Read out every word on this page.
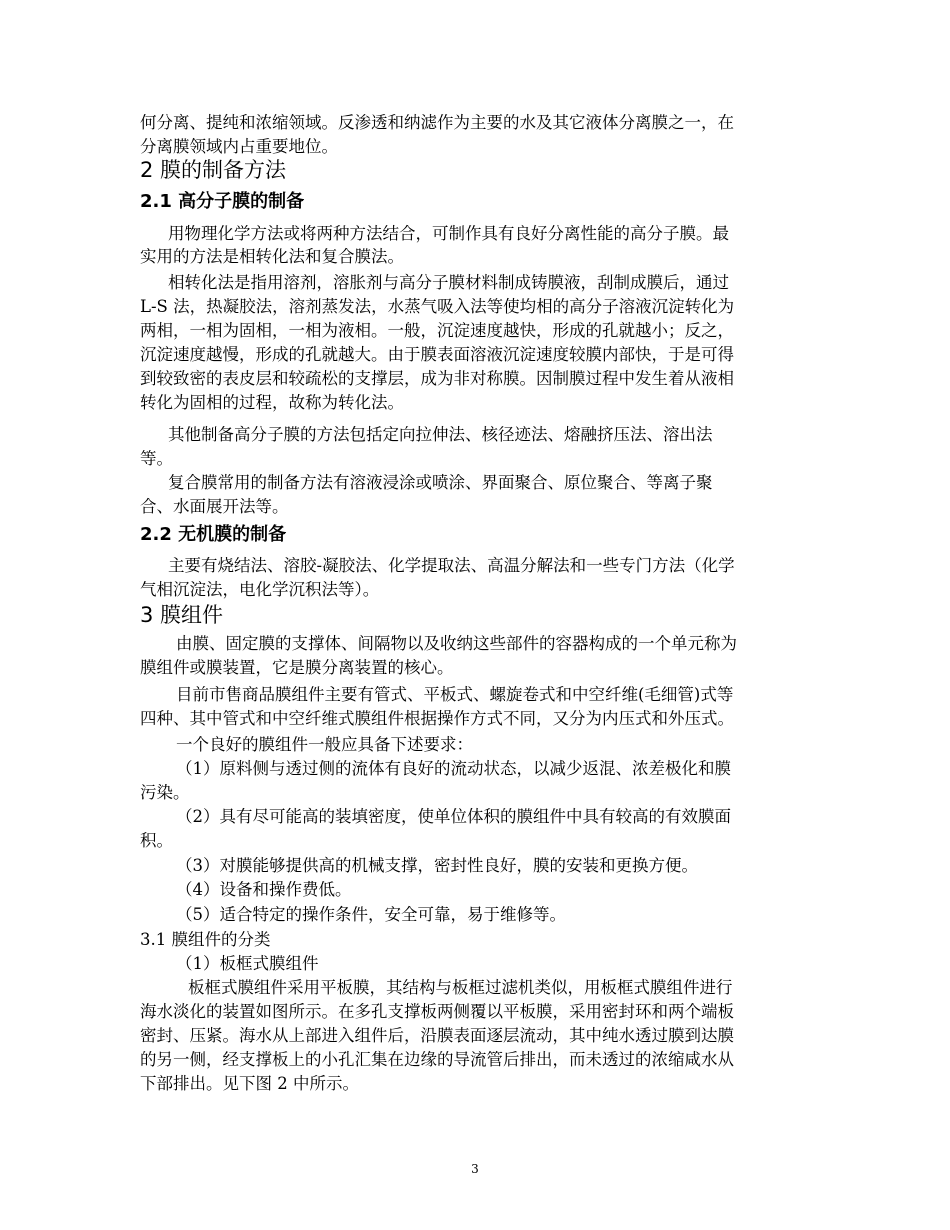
何分离、提纯和浓缩领域。反渗透和纳滤作为主要的水及其它液体分离膜之一，在
分离膜领域内占重要地位。
2 膜的制备方法
2.1 高分子膜的制备
用物理化学方法或将两种方法结合，可制作具有良好分离性能的高分子膜。最
实用的方法是相转化法和复合膜法。
相转化法是指用溶剂，溶胀剂与高分子膜材料制成铸膜液，刮制成膜后，通过
L-S 法，热凝胶法，溶剂蒸发法，水蒸气吸入法等使均相的高分子溶液沉淀转化为
两相，一相为固相，一相为液相。一般，沉淀速度越快，形成的孔就越小；反之，
沉淀速度越慢，形成的孔就越大。由于膜表面溶液沉淀速度较膜内部快，于是可得
到较致密的表皮层和较疏松的支撑层，成为非对称膜。因制膜过程中发生着从液相
转化为固相的过程，故称为转化法。
其他制备高分子膜的方法包括定向拉伸法、核径迹法、熔融挤压法、溶出法
等。
复合膜常用的制备方法有溶液浸涂或喷涂、界面聚合、原位聚合、等离子聚
合、水面展开法等。
2.2 无机膜的制备
主要有烧结法、溶胶-凝胶法、化学提取法、高温分解法和一些专门方法（化学
气相沉淀法，电化学沉积法等）。
3 膜组件
由膜、固定膜的支撑体、间隔物以及收纳这些部件的容器构成的一个单元称为
膜组件或膜装置，它是膜分离装置的核心。
目前市售商品膜组件主要有管式、平板式、螺旋卷式和中空纤维(毛细管)式等
四种、其中管式和中空纤维式膜组件根据操作方式不同，又分为内压式和外压式。
一个良好的膜组件一般应具备下述要求：
（1）原料侧与透过侧的流体有良好的流动状态，以减少返混、浓差极化和膜
污染。
（2）具有尽可能高的装填密度，使单位体积的膜组件中具有较高的有效膜面
积。
（3）对膜能够提供高的机械支撑，密封性良好，膜的安装和更换方便。
（4）设备和操作费低。
（5）适合特定的操作条件，安全可靠，易于维修等。
3.1 膜组件的分类
（1）板框式膜组件
板框式膜组件采用平板膜，其结构与板框过滤机类似，用板框式膜组件进行
海水淡化的装置如图所示。在多孔支撑板两侧覆以平板膜，采用密封环和两个端板
密封、压紧。海水从上部进入组件后，沿膜表面逐层流动，其中纯水透过膜到达膜
的另一侧，经支撑板上的小孔汇集在边缘的导流管后排出，而未透过的浓缩咸水从
下部排出。见下图 2 中所示。
3
